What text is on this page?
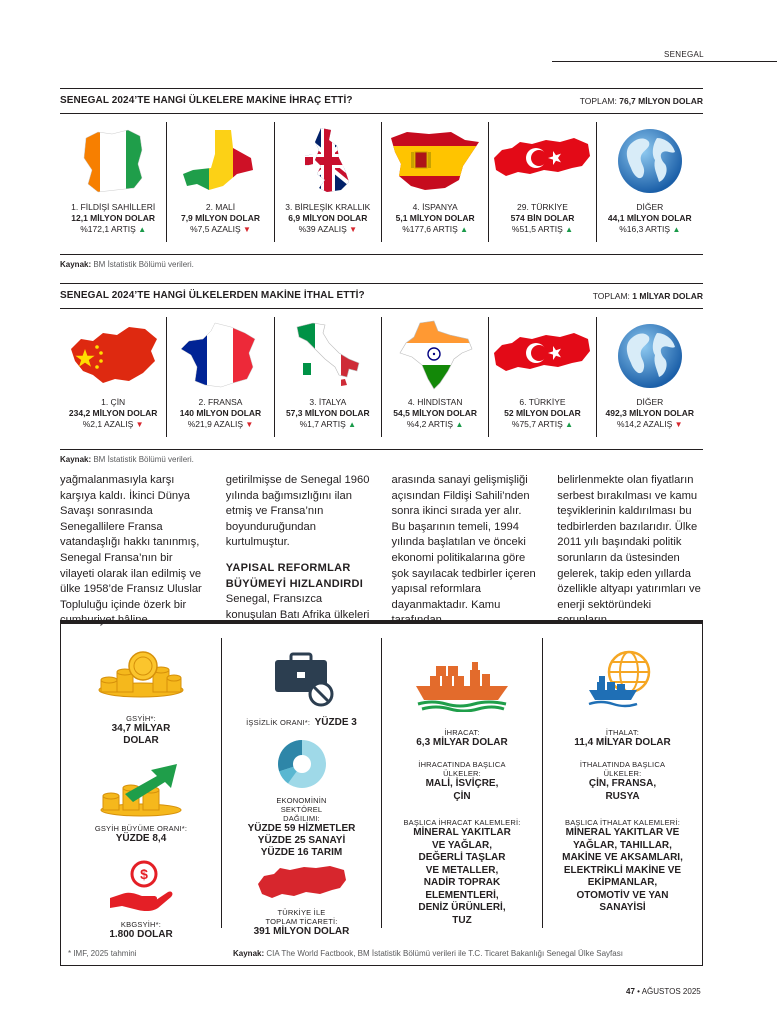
SENEGAL
SENEGAL 2024’TE HANGİ ÜLKELERE MAKİNE İHRAÇ ETTİ?	TOPLAM: 76,7 MİLYON DOLAR
1. FİLDİŞİ SAHİLLERİ
12,1 MİLYON DOLAR
%172,1 ARTIŞ ▲
2. MALİ
7,9 MİLYON DOLAR
%7,5 AZALIŞ ▼
3. BİRLEŞİK KRALLIK
6,9 MİLYON DOLAR
%39 AZALIŞ ▼
4. İSPANYA
5,1 MİLYON DOLAR
%177,6 ARTIŞ ▲
29. TÜRKİYE
574 BİN DOLAR
%51,5 ARTIŞ ▲
DİĞER
44,1 MİLYON DOLAR
%16,3 ARTIŞ ▲
Kaynak: BM İstatistik Bölümü verileri.
SENEGAL 2024’TE HANGİ ÜLKELERDEN MAKİNE İTHAL ETTİ?	TOPLAM: 1 MİLYAR DOLAR
1. ÇİN
234,2 MİLYON DOLAR
%2,1 AZALIŞ ▼
2. FRANSA
140 MİLYON DOLAR
%21,9 AZALIŞ ▼
3. İTALYA
57,3 MİLYON DOLAR
%1,7 ARTIŞ ▲
4. HİNDİSTAN
54,5 MİLYON DOLAR
%4,2 ARTIŞ ▲
6. TÜRKİYE
52 MİLYON DOLAR
%75,7 ARTIŞ ▲
DİĞER
492,3 MİLYON DOLAR
%14,2 AZALIŞ ▼
Kaynak: BM İstatistik Bölümü verileri.
yağmalanmasıyla karşı karşıya kaldı. İkinci Dünya Savaşı sonrasında Senegallilere Fransa vatandaşlığı hakkı tanınmış, Senegal Fransa’nın bir vilayeti olarak ilan edilmiş ve ülke 1958’de Fransız Uluslar Topluluğu içinde özerk bir cumhuriyet hâline
getirilmişse de Senegal 1960 yılında bağımsızlığını ilan etmiş ve Fransa’nın boyunduruğundan kurtulmuştur.
YAPISAL REFORMLAR BÜYÜMEYİ HIZLANDIRDI
Senegal, Fransızca konuşulan Batı Afrika ülkeleri
arasında sanayi gelişmişliği açısından Fildişi Sahili’nden sonra ikinci sırada yer alır. Bu başarının temeli, 1994 yılında başlatılan ve önceki ekonomi politikalarına göre şok sayılacak tedbirler içeren yapısal reformlara dayanmaktadır. Kamu tarafından
belirlenmekte olan fiyatların serbest bırakılması ve kamu teşviklerinin kaldırılması bu tedbirlerden bazılarıdır. Ülke 2011 yılı başındaki politik sorunların da üstesinden gelerek, takip eden yıllarda özellikle altyapı yatırımları ve enerji sektöründeki sorunların
GSYİH*:
34,7 MİLYAR DOLAR
GSYİH BÜYÜME ORANI*:
YÜZDE 8,4
$
KBGSYİH*:
1.800 DOLAR
İŞSİZLİK ORANI*: YÜZDE 3
EKONOMİNİN SEKTÖREL DAĞILIMI:
YÜZDE 59 HİZMETLER
YÜZDE 25 SANAYİ
YÜZDE 16 TARIM
TÜRKİYE İLE TOPLAM TİCARETİ:
391 MİLYON DOLAR
İHRACAT:
6,3 MİLYAR DOLAR
İHRACATINDA BAŞLICA ÜLKELER:
MALİ, İSVİÇRE, ÇİN
BAŞLICA İHRACAT KALEMLERİ:
MİNERAL YAKITLAR VE YAĞLAR, DEĞERLİ TAŞLAR VE METALLER, NADİR TOPRAK ELEMENTLERİ, DENİZ ÜRÜNLERİ, TUZ
İTHALAT:
11,4 MİLYAR DOLAR
İTHALATINDA BAŞLICA ÜLKELER:
ÇİN, FRANSA, RUSYA
BAŞLICA İTHALAT KALEMLERİ:
MİNERAL YAKITLAR VE YAĞLAR, TAHILLAR, MAKİNE VE AKSAMLARI, ELEKTRİKLİ MAKİNE VE EKİPMANLAR, OTOMOTİV VE YAN SANAYİSİ
* IMF, 2025 tahmini	Kaynak: CIA The World Factbook, BM İstatistik Bölümü verileri ile T.C. Ticaret Bakanlığı Senegal Ülke Sayfası
47 • AĞUSTOS 2025
